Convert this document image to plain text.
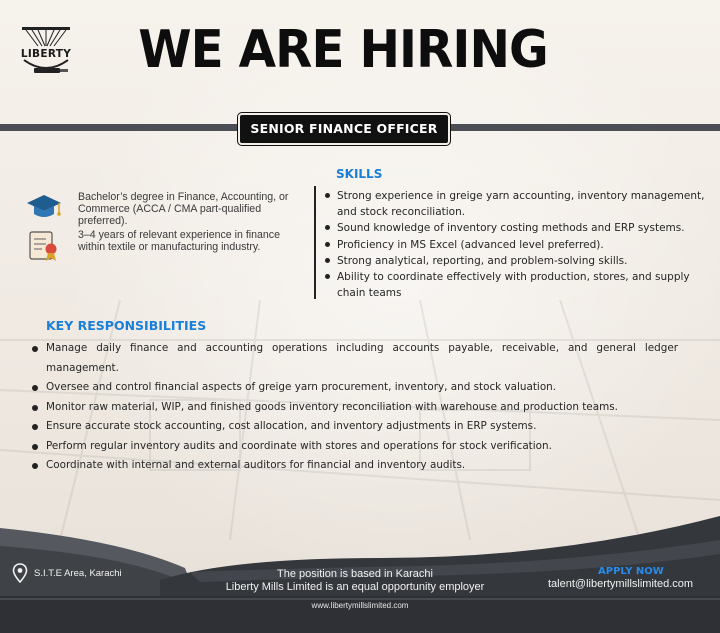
LIBERTY	WE ARE HIRING
SENIOR FINANCE OFFICER
Bachelor’s degree in Finance, Accounting, or Commerce (ACCA / CMA part-qualified preferred).
3–4 years of relevant experience in finance within textile or manufacturing industry.
SKILLS
Strong experience in greige yarn accounting, inventory management, and stock reconciliation.
Sound knowledge of inventory costing methods and ERP systems.
Proficiency in MS Excel (advanced level preferred).
Strong analytical, reporting, and problem-solving skills.
Ability to coordinate effectively with production, stores, and supply chain teams
KEY RESPONSIBILITIES
Manage daily finance and accounting operations including accounts payable, receivable, and general ledger management.
Oversee and control financial aspects of greige yarn procurement, inventory, and stock valuation.
Monitor raw material, WIP, and finished goods inventory reconciliation with warehouse and production teams.
Ensure accurate stock accounting, cost allocation, and inventory adjustments in ERP systems.
Perform regular inventory audits and coordinate with stores and operations for stock verification.
Coordinate with internal and external auditors for financial and inventory audits.
S.I.T.E Area, Karachi	The position is based in Karachi
Liberty Mills Limited is an equal opportunity employer
APPLY NOW
talent@libertymillslimited.com
www.libertymillslimited.com
